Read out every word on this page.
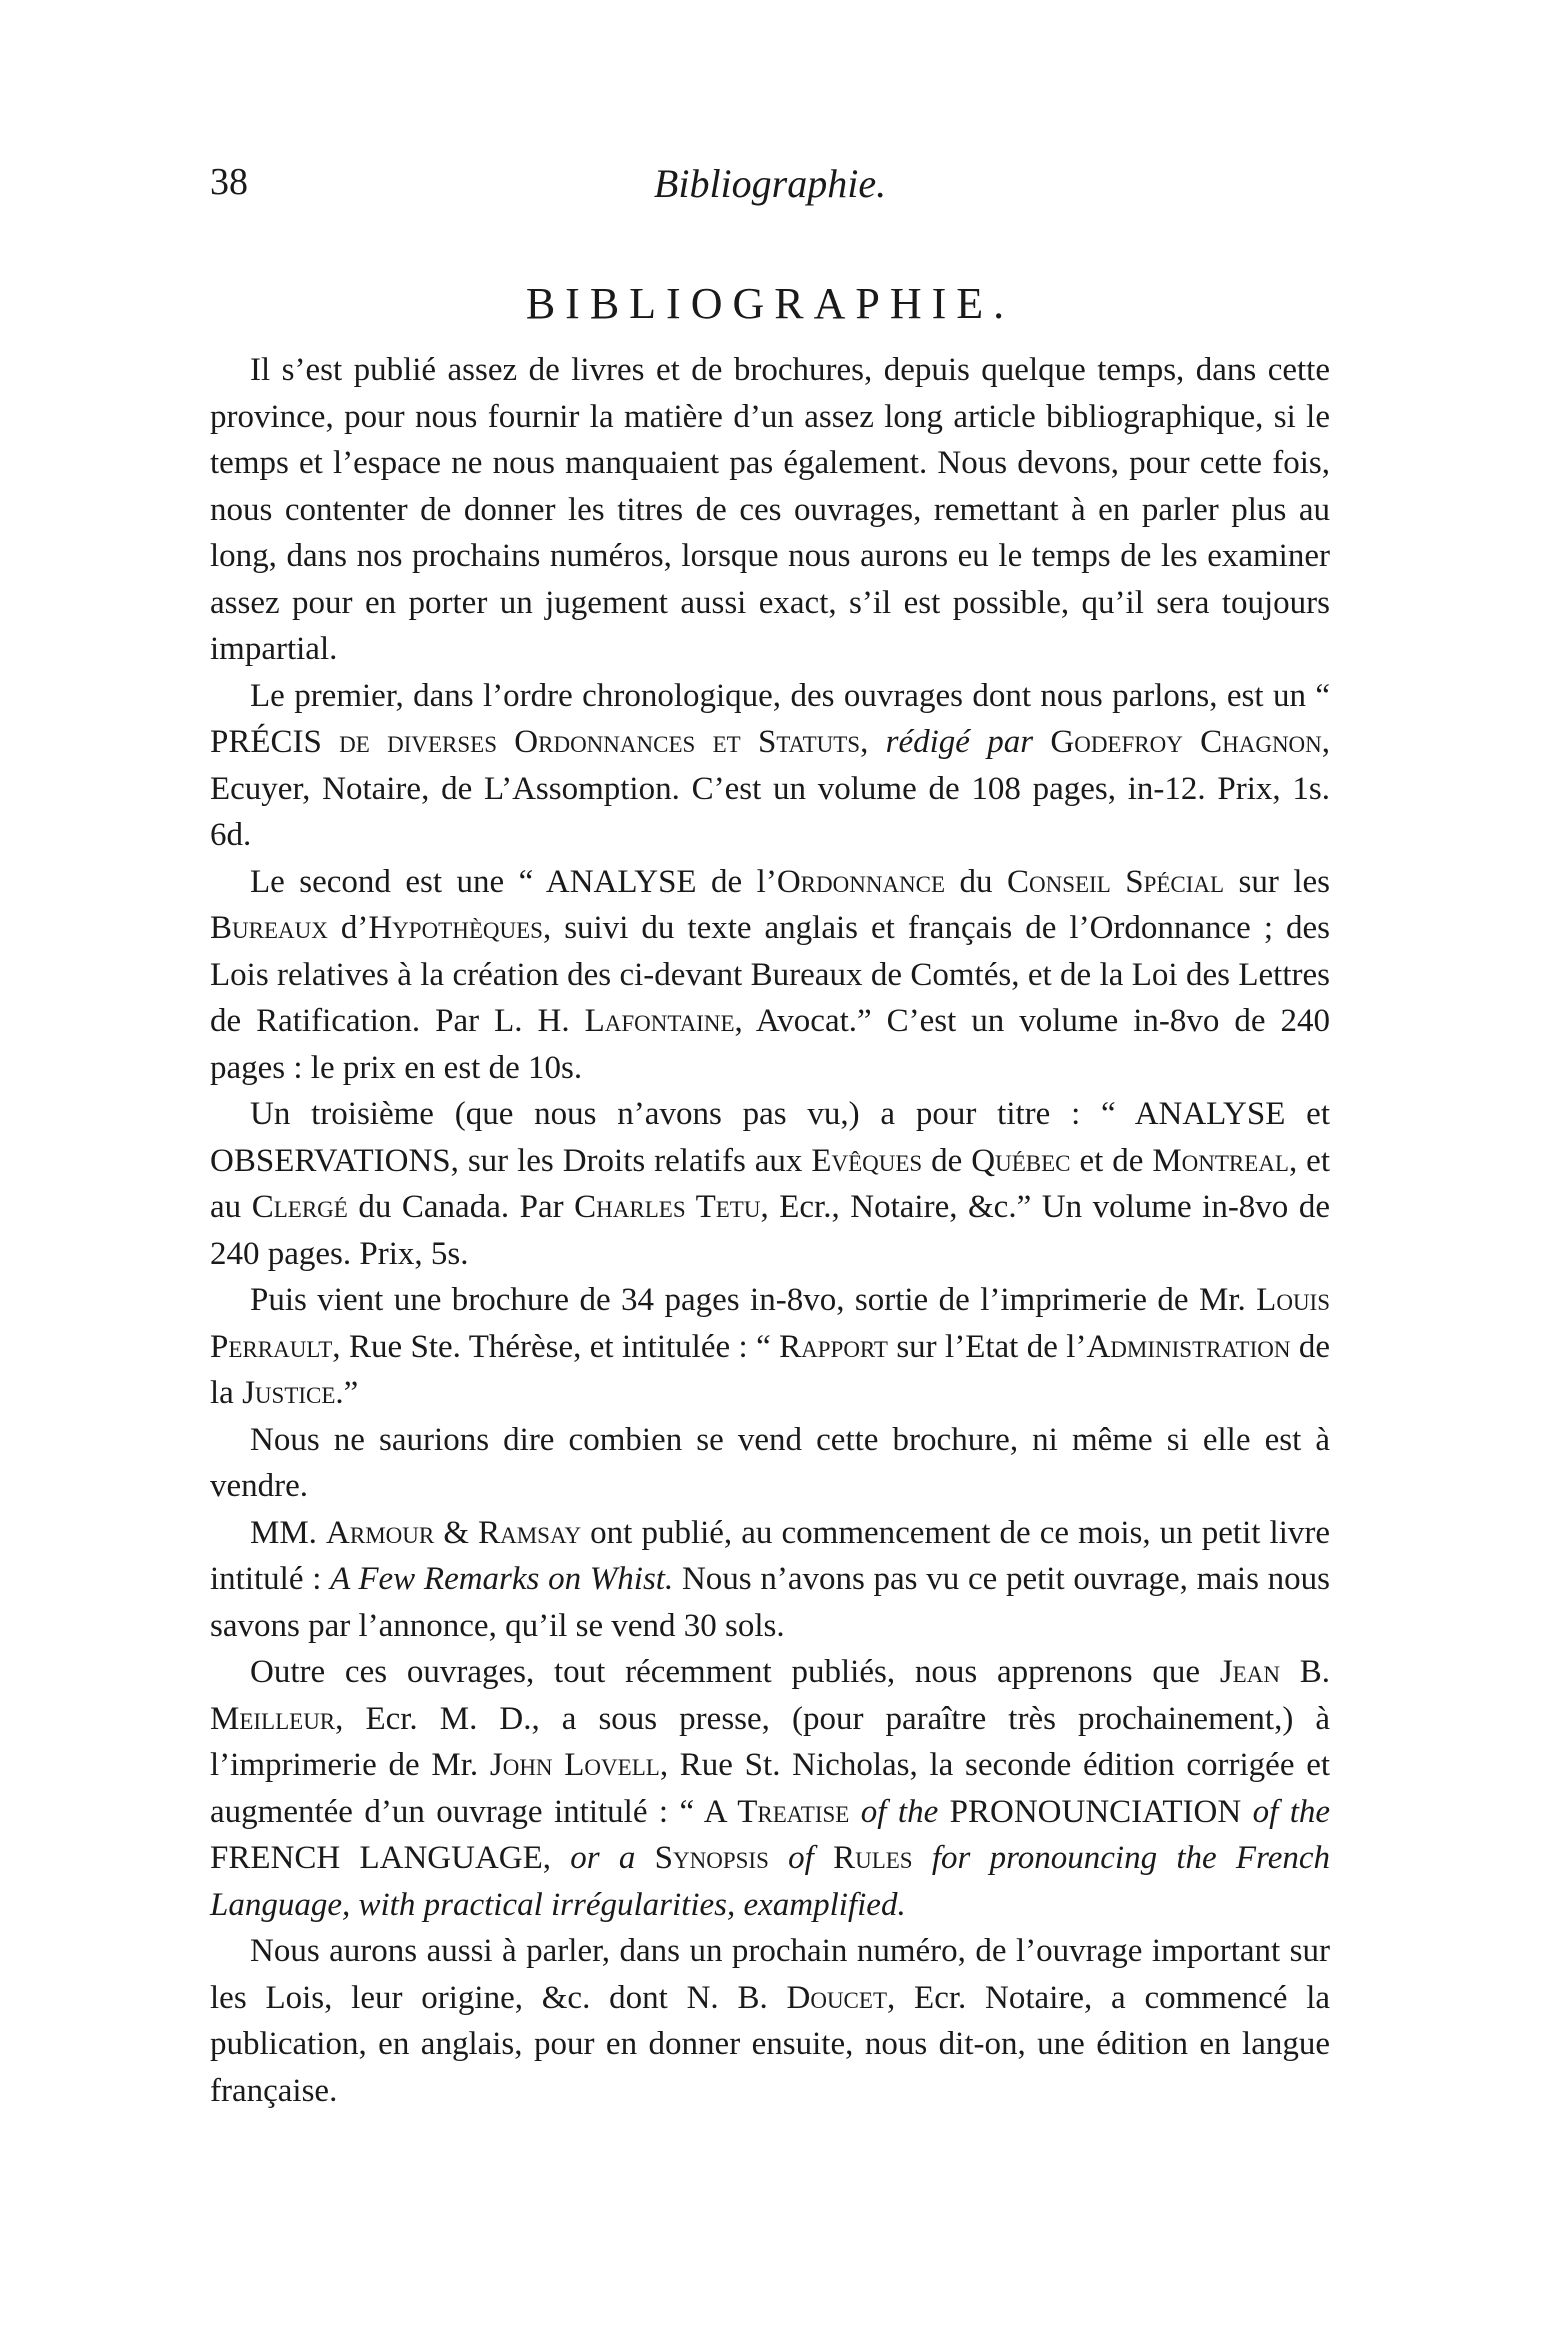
38	Bibliographie.
BIBLIOGRAPHIE.

Il s’est publié assez de livres et de brochures, depuis quelque temps, dans cette province, pour nous fournir la matière d’un assez long article bibliographique, si le temps et l’espace ne nous manquaient pas également. Nous devons, pour cette fois, nous contenter de donner les titres de ces ouvrages, remettant à en parler plus au long, dans nos prochains numéros, lorsque nous aurons eu le temps de les examiner assez pour en porter un jugement aussi exact, s’il est possible, qu’il sera toujours impartial.

Le premier, dans l’ordre chronologique, des ouvrages dont nous parlons, est un “ PRÉCIS de diverses Ordonnances et Statuts, rédigé par Godefroy Chagnon, Ecuyer, Notaire, de L’Assomption. C’est un volume de 108 pages, in-12. Prix, 1s. 6d.

Le second est une “ ANALYSE de l’Ordonnance du Conseil Spécial sur les Bureaux d’Hypothèques, suivi du texte anglais et français de l’Ordonnance ; des Lois relatives à la création des ci-devant Bureaux de Comtés, et de la Loi des Lettres de Ratification. Par L. H. Lafontaine, Avocat.” C’est un volume in-8vo de 240 pages : le prix en est de 10s.

Un troisième (que nous n’avons pas vu,) a pour titre : “ ANALYSE et OBSERVATIONS, sur les Droits relatifs aux Evêques de Québec et de Montreal, et au Clergé du Canada. Par Charles Tetu, Ecr., Notaire, &c.” Un volume in-8vo de 240 pages. Prix, 5s.

Puis vient une brochure de 34 pages in-8vo, sortie de l’imprimerie de Mr. Louis Perrault, Rue Ste. Thérèse, et intitulée : “ Rapport sur l’Etat de l’Administration de la Justice.”

Nous ne saurions dire combien se vend cette brochure, ni même si elle est à vendre.

MM. Armour & Ramsay ont publié, au commencement de ce mois, un petit livre intitulé : A Few Remarks on Whist. Nous n’avons pas vu ce petit ouvrage, mais nous savons par l’annonce, qu’il se vend 30 sols.

Outre ces ouvrages, tout récemment publiés, nous apprenons que Jean B. Meilleur, Ecr. M. D., a sous presse, (pour paraître très prochainement,) à l’imprimerie de Mr. John Lovell, Rue St. Nicholas, la seconde édition corrigée et augmentée d’un ouvrage intitulé : “ A Treatise of the PRONOUNCIATION of the FRENCH LANGUAGE, or a Synopsis of Rules for pronouncing the French Language, with practical irrégularities, examplified.

Nous aurons aussi à parler, dans un prochain numéro, de l’ouvrage important sur les Lois, leur origine, &c. dont N. B. Doucet, Ecr. Notaire, a commencé la publication, en anglais, pour en donner ensuite, nous dit-on, une édition en langue française.
